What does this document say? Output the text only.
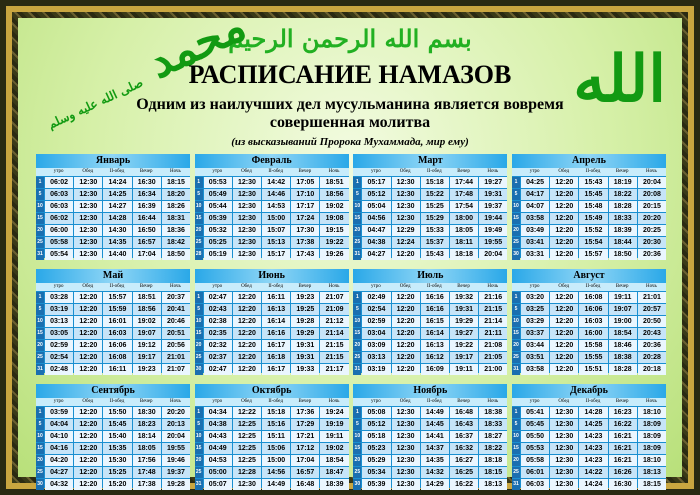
بسم الله الرحمن الرحيم
محمد صلى الله عليه وسلم	الله
РАСПИСАНИЕ НАМАЗОВ
Одним из наилучших дел мусульманина является вовремя совершенная молитва
(из высказываний Пророка Мухаммада, мир ему)
Январь
утро	Обед	II-обед	Вечер	Ночь
1	06:02	12:30	14:24	16:30	18:15
5	06:03	12:30	14:25	16:34	18:20
10	06:03	12:30	14:27	16:39	18:26
15	06:02	12:30	14:28	16:44	18:31
20	06:00	12:30	14:30	16:50	18:36
25	05:58	12:30	14:35	16:57	18:42
31	05:54	12:30	14:40	17:04	18:50
Февраль
утро	Обед	II-обед	Вечер	Ночь
1	05:53	12:30	14:42	17:05	18:51
5	05:49	12:30	14:46	17:10	18:56
10	05:44	12:30	14:53	17:17	19:02
15	05:39	12:30	15:00	17:24	19:08
20	05:32	12:30	15:07	17:30	19:15
25	05:25	12:30	15:13	17:38	19:22
28	05:19	12:30	15:17	17:43	19:26
Март
утро	Обед	II-обед	Вечер	Ночь
1	05:17	12:30	15:18	17:44	19:27
5	05:12	12:30	15:22	17:48	19:31
10	05:04	12:30	15:25	17:54	19:37
15	04:56	12:30	15:29	18:00	19:44
20	04:47	12:29	15:33	18:05	19:49
25	04:38	12:24	15:37	18:11	19:55
31	04:27	12:20	15:43	18:18	20:04
Апрель
утро	Обед	II-обед	Вечер	Ночь
1	04:25	12:20	15:43	18:19	20:04
5	04:17	12:20	15:45	18:22	20:08
10	04:07	12:20	15:48	18:28	20:15
15	03:58	12:20	15:49	18:33	20:20
20	03:49	12:20	15:52	18:39	20:25
25	03:41	12:20	15:54	18:44	20:30
30	03:31	12:20	15:57	18:50	20:36
Май
утро	Обед	II-обед	Вечер	Ночь
1	03:28	12:20	15:57	18:51	20:37
5	03:19	12:20	15:59	18:56	20:41
10	03:13	12:20	16:01	19:02	20:46
15	03:05	12:20	16:03	19:07	20:51
20	02:59	12:20	16:06	19:12	20:56
25	02:54	12:20	16:08	19:17	21:01
31	02:48	12:20	16:11	19:23	21:07
Июнь
утро	Обед	II-обед	Вечер	Ночь
1	02:47	12:20	16:11	19:23	21:07
5	02:43	12:20	16:13	19:25	21:09
10	02:38	12:20	16:14	19:28	21:12
15	02:35	12:20	16:16	19:29	21:14
20	02:32	12:20	16:17	19:31	21:15
25	02:37	12:20	16:18	19:31	21:15
30	02:47	12:20	16:17	19:33	21:17
Июль
утро	Обед	II-обед	Вечер	Ночь
1	02:49	12:20	16:16	19:32	21:16
5	02:54	12:20	16:16	19:31	21:15
10	02:59	12:20	16:15	19:29	21:14
15	03:04	12:20	16:14	19:27	21:11
20	03:09	12:20	16:13	19:22	21:08
25	03:13	12:20	16:12	19:17	21:05
31	03:19	12:20	16:09	19:11	21:00
Август
утро	Обед	II-обед	Вечер	Ночь
1	03:20	12:20	16:08	19:11	21:01
5	03:25	12:20	16:06	19:07	20:57
10	03:29	12:20	16:03	19:00	20:50
15	03:37	12:20	16:00	18:54	20:43
20	03:44	12:20	15:58	18:46	20:36
25	03:51	12:20	15:55	18:38	20:28
31	03:58	12:20	15:51	18:28	20:18
Сентябрь
утро	Обед	II-обед	Вечер	Ночь
1	03:59	12:20	15:50	18:30	20:20
5	04:04	12:20	15:45	18:23	20:13
10	04:10	12:20	15:40	18:14	20:04
15	04:16	12:20	15:35	18:05	19:55
20	04:20	12:20	15:30	17:56	19:46
25	04:27	12:20	15:25	17:48	19:37
30	04:32	12:20	15:20	17:38	19:28
Октябрь
утро	Обед	II-обед	Вечер	Ночь
1	04:34	12:22	15:18	17:36	19:24
5	04:38	12:25	15:16	17:29	19:19
10	04:43	12:25	15:11	17:21	19:11
15	04:49	12:25	15:06	17:12	19:02
20	04:53	12:25	15:00	17:04	18:54
25	05:00	12:28	14:56	16:57	18:47
31	05:07	12:30	14:49	16:48	18:39
Ноябрь
утро	Обед	II-обед	Вечер	Ночь
1	05:08	12:30	14:49	16:48	18:38
5	05:12	12:30	14:45	16:43	18:33
10	05:18	12:30	14:41	16:37	18:27
15	05:23	12:30	14:37	16:32	18:22
20	05:29	12:30	14:35	16:27	18:18
25	05:34	12:30	14:32	16:25	18:15
30	05:39	12:30	14:29	16:22	18:13
Декабрь
утро	Обед	II-обед	Вечер	Ночь
1	05:41	12:30	14:28	16:23	18:10
5	05:45	12:30	14:25	16:22	18:09
10	05:50	12:30	14:23	16:21	18:09
15	05:53	12:30	14:23	16:21	18:09
20	05:58	12:30	14:23	16:21	18:10
25	06:01	12:30	14:22	16:26	18:13
31	06:03	12:30	14:24	16:30	18:15
